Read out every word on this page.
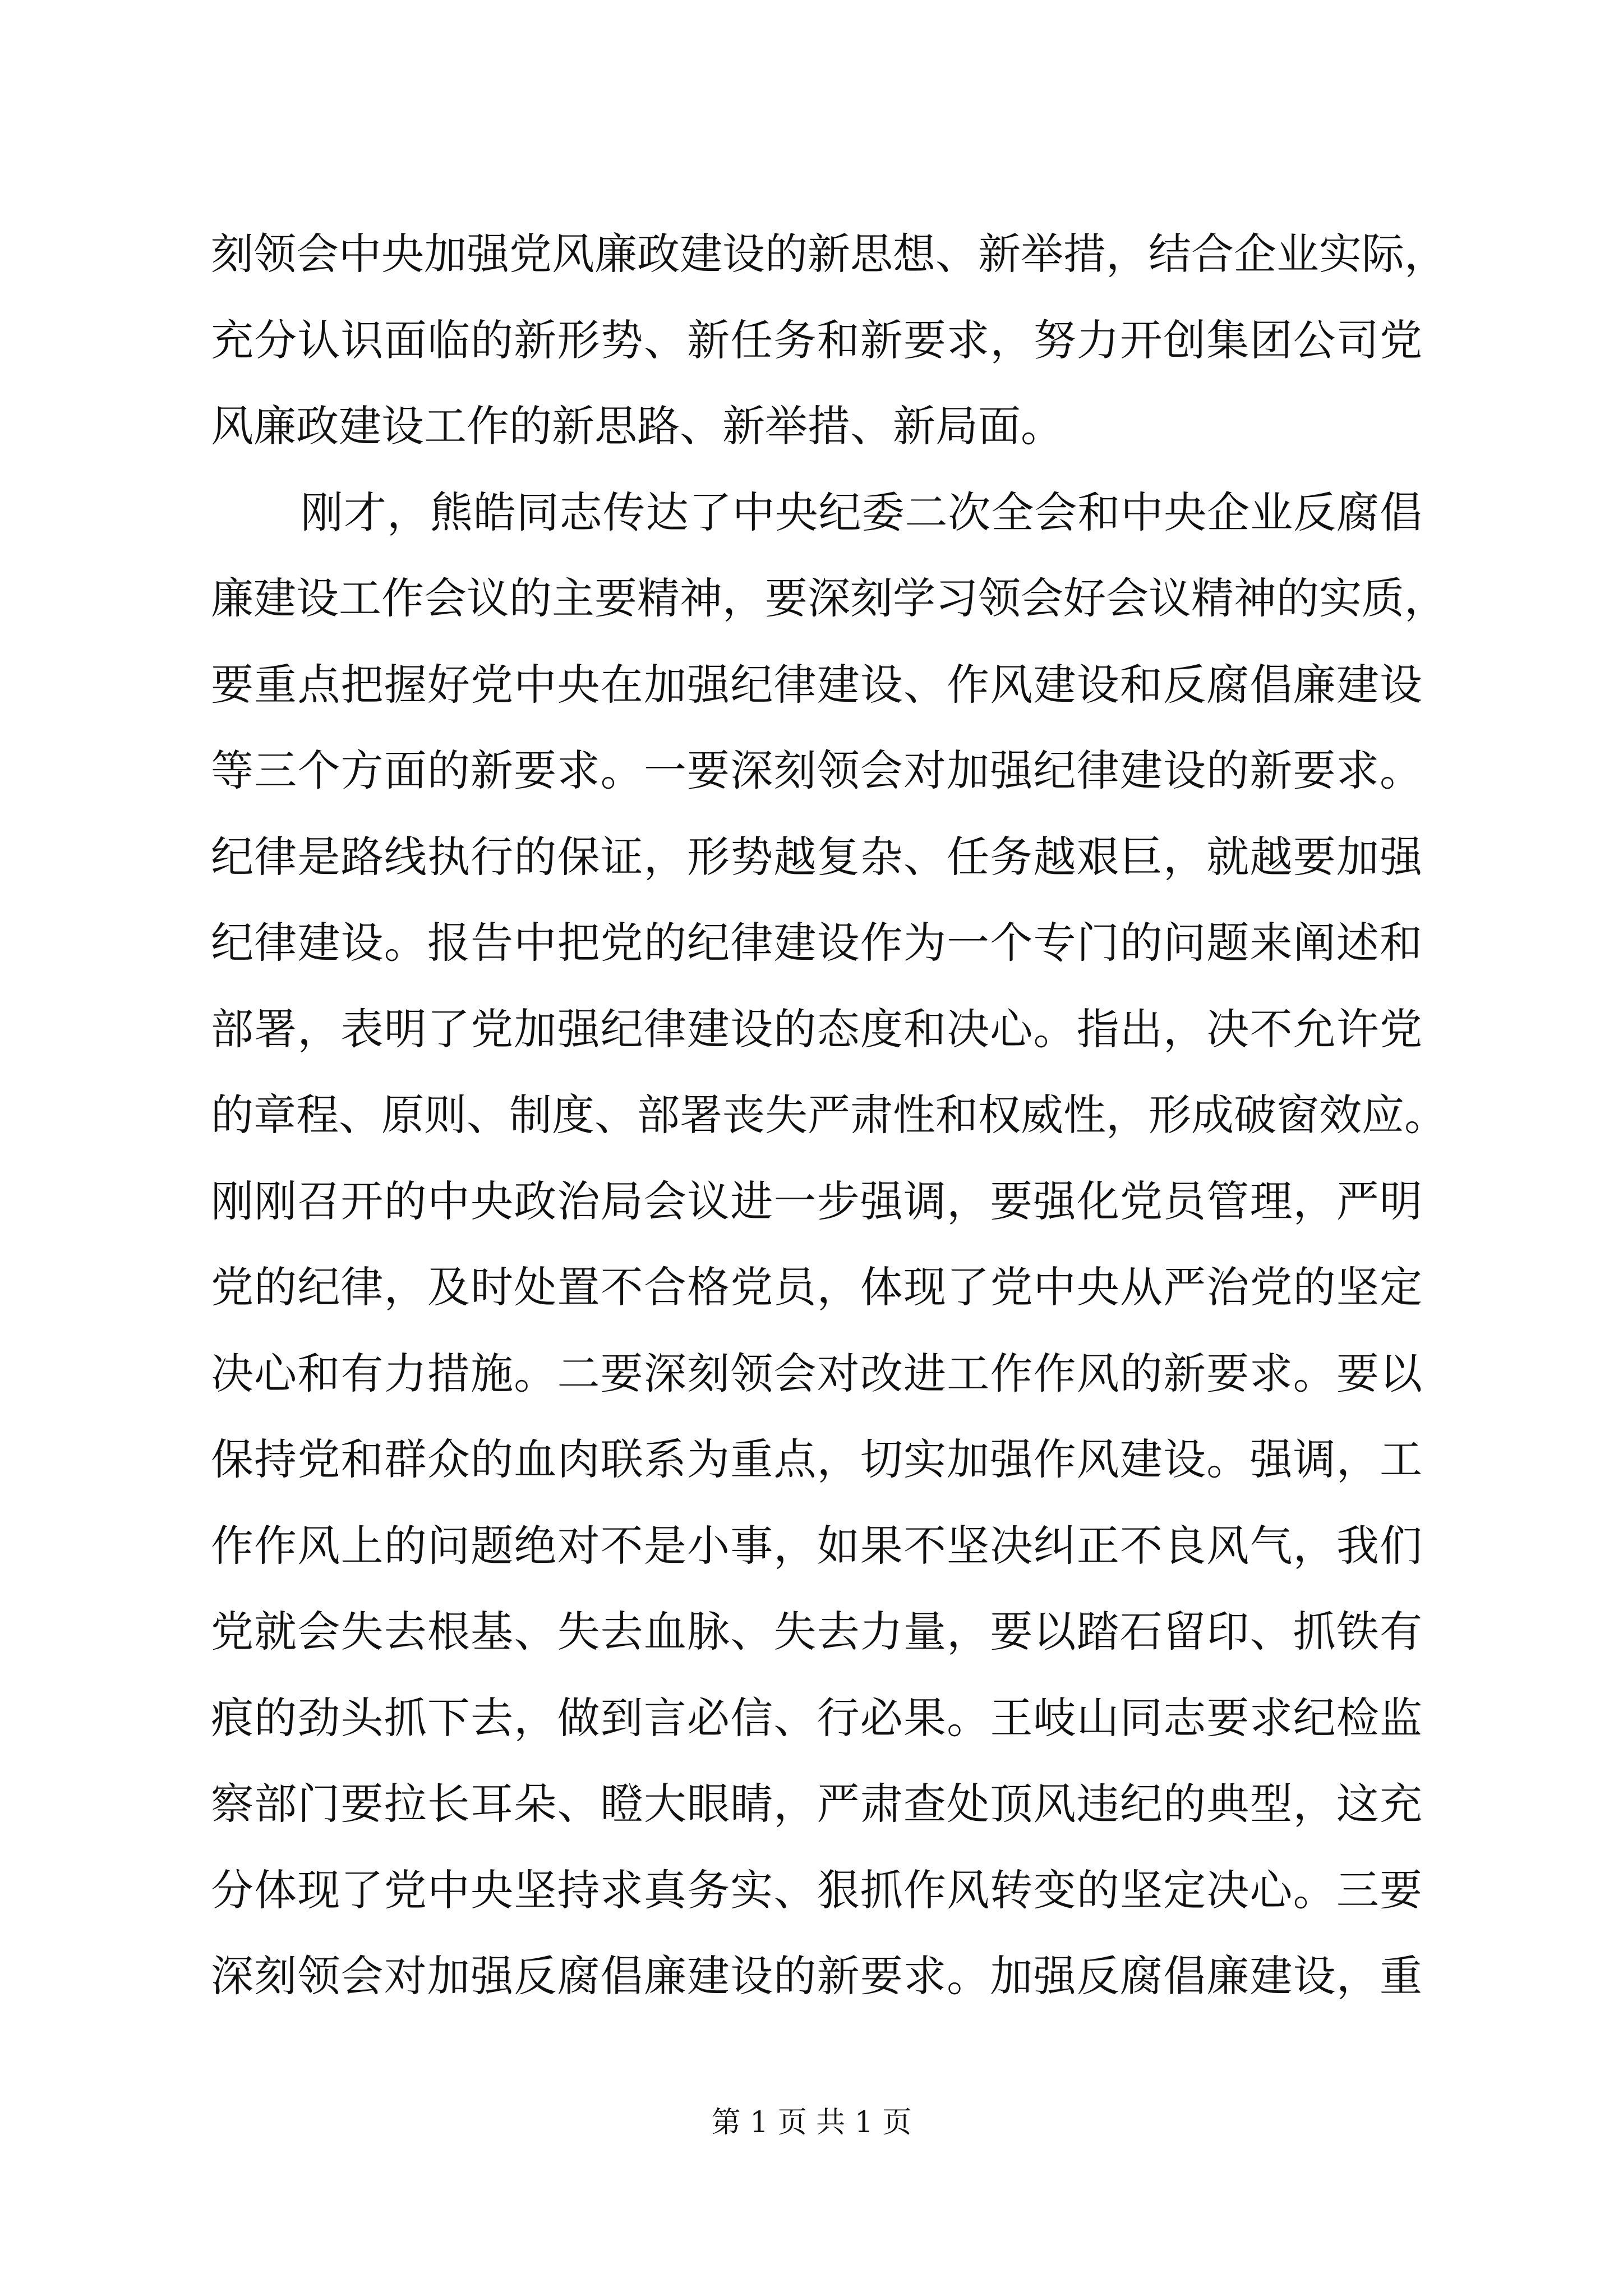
刻领会中央加强党风廉政建设的新思想、新举措，结合企业实际，
充分认识面临的新形势、新任务和新要求，努力开创集团公司党
风廉政建设工作的新思路、新举措、新局面。
刚才，熊皓同志传达了中央纪委二次全会和中央企业反腐倡
廉建设工作会议的主要精神，要深刻学习领会好会议精神的实质，
要重点把握好党中央在加强纪律建设、作风建设和反腐倡廉建设
等三个方面的新要求。一要深刻领会对加强纪律建设的新要求。
纪律是路线执行的保证，形势越复杂、任务越艰巨，就越要加强
纪律建设。报告中把党的纪律建设作为一个专门的问题来阐述和
部署，表明了党加强纪律建设的态度和决心。指出，决不允许党
的章程、原则、制度、部署丧失严肃性和权威性，形成破窗效应。
刚刚召开的中央政治局会议进一步强调，要强化党员管理，严明
党的纪律，及时处置不合格党员，体现了党中央从严治党的坚定
决心和有力措施。二要深刻领会对改进工作作风的新要求。要以
保持党和群众的血肉联系为重点，切实加强作风建设。强调，工
作作风上的问题绝对不是小事，如果不坚决纠正不良风气，我们
党就会失去根基、失去血脉、失去力量，要以踏石留印、抓铁有
痕的劲头抓下去，做到言必信、行必果。王岐山同志要求纪检监
察部门要拉长耳朵、瞪大眼睛，严肃查处顶风违纪的典型，这充
分体现了党中央坚持求真务实、狠抓作风转变的坚定决心。三要
深刻领会对加强反腐倡廉建设的新要求。加强反腐倡廉建设，重
第 1 页 共 1 页
